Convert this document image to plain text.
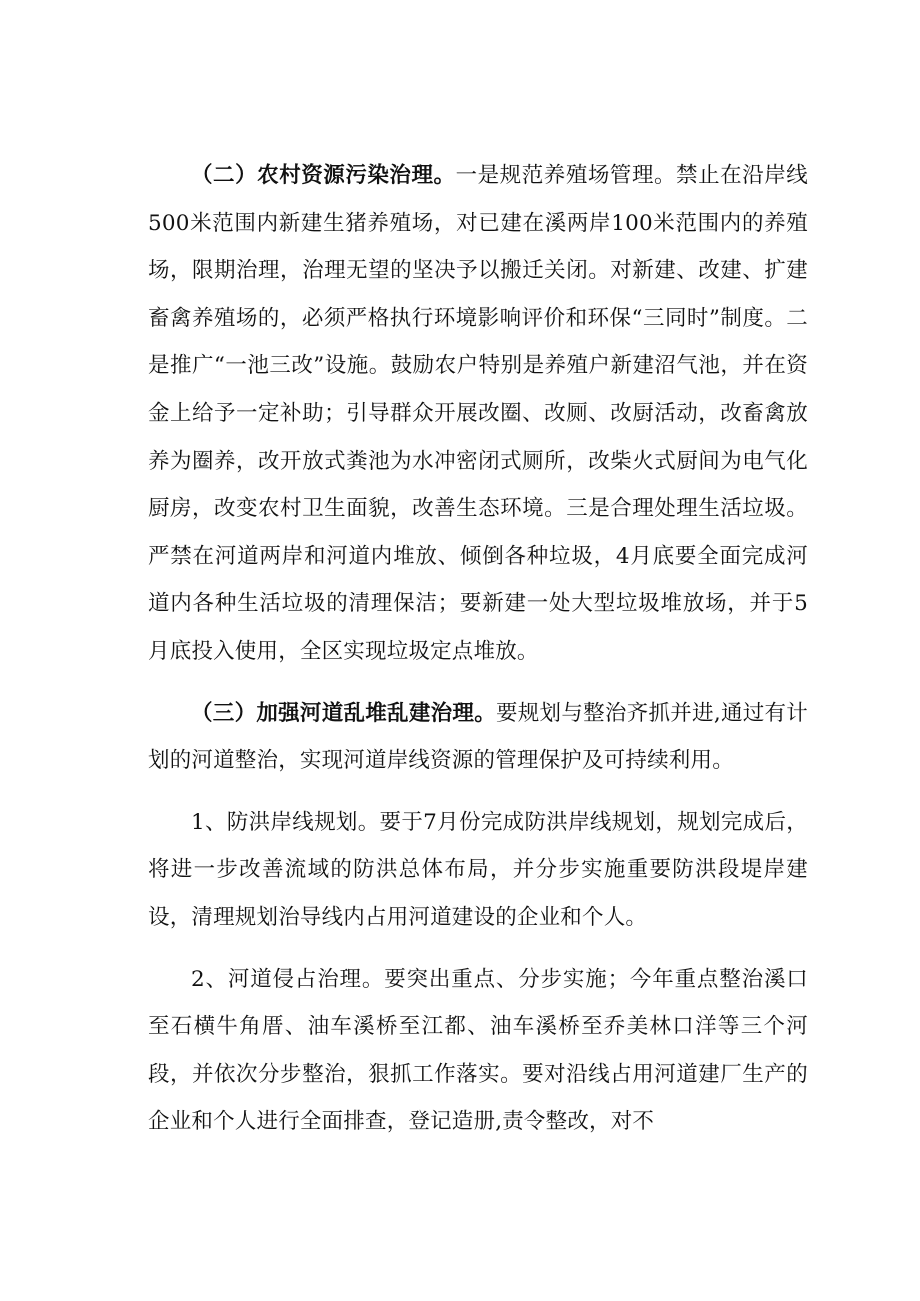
（二）农村资源污染治理。一是规范养殖场管理。禁止在沿岸线500米范围内新建生猪养殖场，对已建在溪两岸100米范围内的养殖场，限期治理，治理无望的坚决予以搬迁关闭。对新建、改建、扩建畜禽养殖场的，必须严格执行环境影响评价和环保“三同时”制度。二是推广“一池三改”设施。鼓励农户特别是养殖户新建沼气池，并在资金上给予一定补助；引导群众开展改圈、改厕、改厨活动，改畜禽放养为圈养，改开放式粪池为水冲密闭式厕所，改柴火式厨间为电气化厨房，改变农村卫生面貌，改善生态环境。三是合理处理生活垃圾。严禁在河道两岸和河道内堆放、倾倒各种垃圾，4月底要全面完成河道内各种生活垃圾的清理保洁；要新建一处大型垃圾堆放场，并于5月底投入使用，全区实现垃圾定点堆放。

（三）加强河道乱堆乱建治理。要规划与整治齐抓并进,通过有计划的河道整治，实现河道岸线资源的管理保护及可持续利用。

1、防洪岸线规划。要于7月份完成防洪岸线规划，规划完成后，将进一步改善流域的防洪总体布局，并分步实施重要防洪段堤岸建设，清理规划治导线内占用河道建设的企业和个人。

2、河道侵占治理。要突出重点、分步实施；今年重点整治溪口至石横牛角厝、油车溪桥至江都、油车溪桥至乔美林口洋等三个河段，并依次分步整治，狠抓工作落实。要对沿线占用河道建厂生产的企业和个人进行全面排查，登记造册,责令整改，对不
